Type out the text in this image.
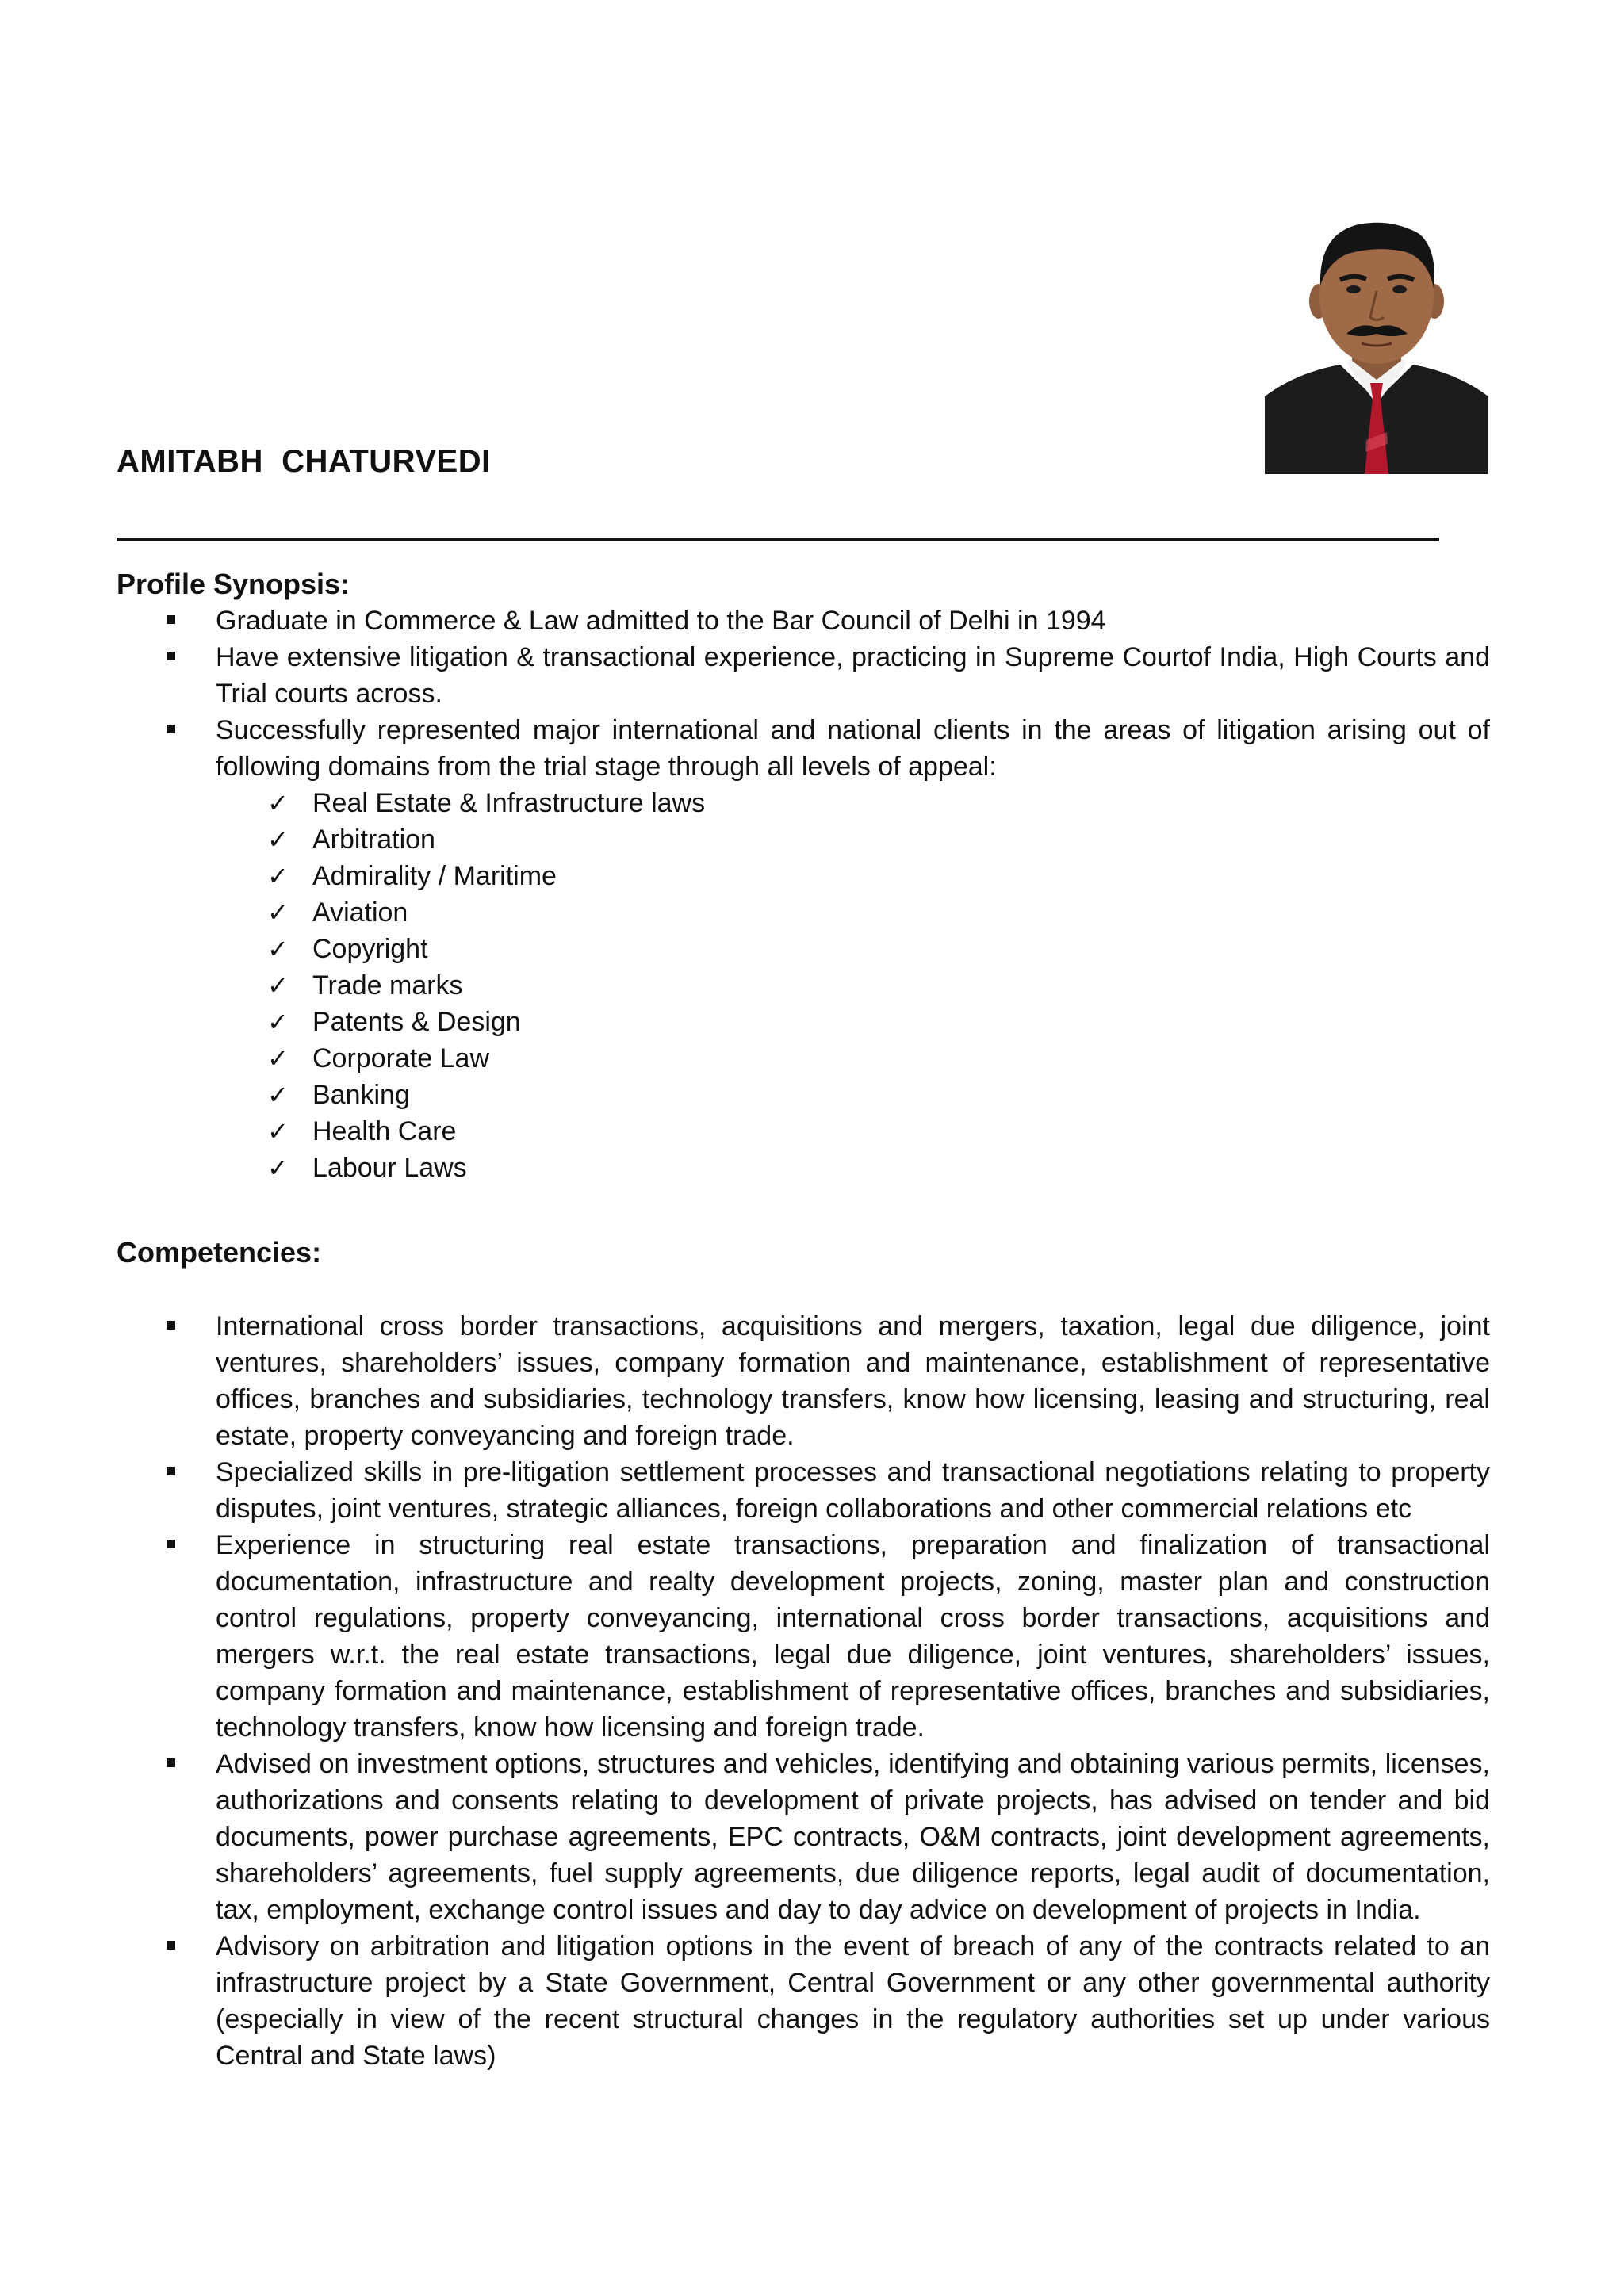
AMITABH  CHATURVEDI
Profile Synopsis:
Graduate in Commerce & Law admitted to the Bar Council of Delhi in 1994
Have extensive litigation & transactional experience, practicing in Supreme Courtof India, High Courts and Trial courts across.
Successfully represented major international and national clients in the areas of litigation arising out of following domains from the trial stage through all levels of appeal:
✓ Real Estate & Infrastructure laws
✓ Arbitration
✓ Admirality / Maritime
✓ Aviation
✓ Copyright
✓ Trade marks
✓ Patents & Design
✓ Corporate Law
✓ Banking
✓ Health Care
✓ Labour Laws
Competencies:
International cross border transactions, acquisitions and mergers, taxation, legal due diligence, joint ventures, shareholders’ issues, company formation and maintenance, establishment of representative offices, branches and subsidiaries, technology transfers, know how licensing, leasing and structuring, real estate, property conveyancing and foreign trade.
Specialized skills in pre-litigation settlement processes and transactional negotiations relating to property disputes, joint ventures, strategic alliances, foreign collaborations and other commercial relations etc
Experience in structuring real estate transactions, preparation and finalization of transactional documentation, infrastructure and realty development projects, zoning, master plan and construction control regulations, property conveyancing, international cross border transactions, acquisitions and mergers w.r.t. the real estate transactions, legal due diligence, joint ventures, shareholders’ issues, company formation and maintenance, establishment of representative offices, branches and subsidiaries, technology transfers, know how licensing and foreign trade.
Advised on investment options, structures and vehicles, identifying and obtaining various permits, licenses, authorizations and consents relating to development of private projects, has advised on tender and bid documents, power purchase agreements, EPC contracts, O&M contracts, joint development agreements, shareholders’ agreements, fuel supply agreements, due diligence reports, legal audit of documentation, tax, employment, exchange control issues and day to day advice on development of projects in India.
Advisory on arbitration and litigation options in the event of breach of any of the contracts related to an infrastructure project by a State Government, Central Government or any other governmental authority (especially in view of the recent structural changes in the regulatory authorities set up under various Central and State laws)
